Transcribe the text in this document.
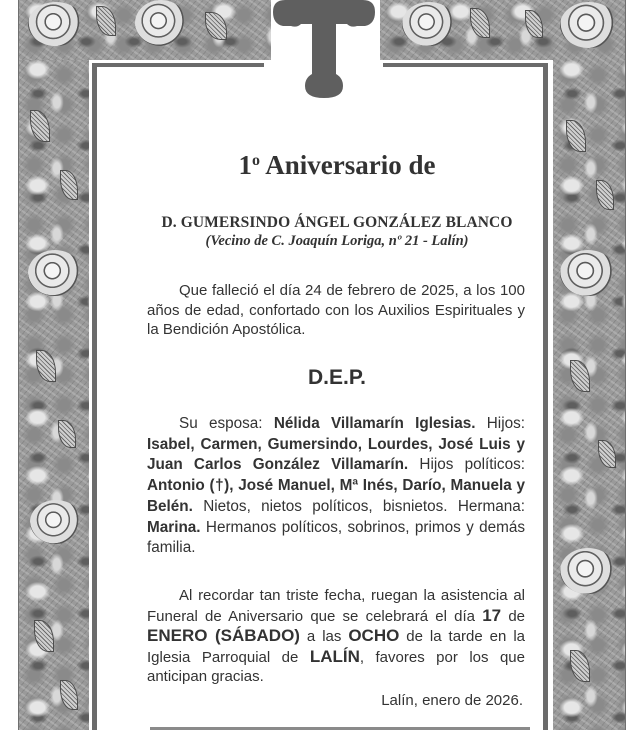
1$^o$ Aniversario de
D. GUMERSINDO ÁNGEL GONZÁLEZ BLANCO
(Vecino de C. Joaquín Loriga, nº 21 - Lalín)
Que falleció el día 24 de febrero de 2025, a los 100 años de edad, confortado con los Auxilios Espirituales y la Bendición Apostólica.
D.E.P.
Su esposa: Nélida Villamarín Iglesias. Hijos: Isabel, Carmen, Gumersindo, Lourdes, José Luis y Juan Carlos González Villamarín. Hijos políticos: Antonio (†), José Manuel, Mª Inés, Darío, Manuela y Belén. Nietos, nietos políticos, bisnietos. Hermana: Marina. Hermanos políticos, sobrinos, primos y demás familia.
Al recordar tan triste fecha, ruegan la asistencia al Funeral de Aniversario que se celebrará el día 17 de ENERO (SÁBADO) a las OCHO de la tarde en la Iglesia Parroquial de LALÍN, favores por los que anticipan gracias.
Lalín, enero de 2026.
